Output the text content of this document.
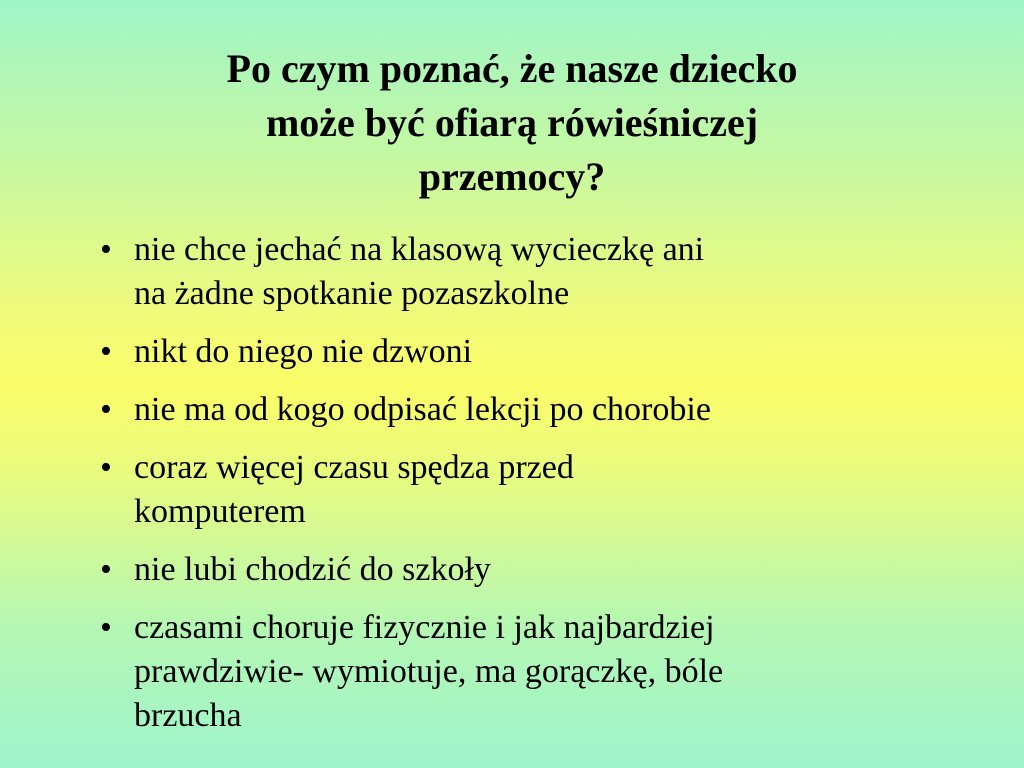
Po czym poznać, że nasze dziecko
może być ofiarą rówieśniczej
przemocy?
• nie chce jechać na klasową wycieczkę ani
na żadne spotkanie pozaszkolne
• nikt do niego nie dzwoni
• nie ma od kogo odpisać lekcji po chorobie
• coraz więcej czasu spędza przed
komputerem
• nie lubi chodzić do szkoły
• czasami choruje fizycznie i jak najbardziej
prawdziwie- wymiotuje, ma gorączkę, bóle
brzucha
